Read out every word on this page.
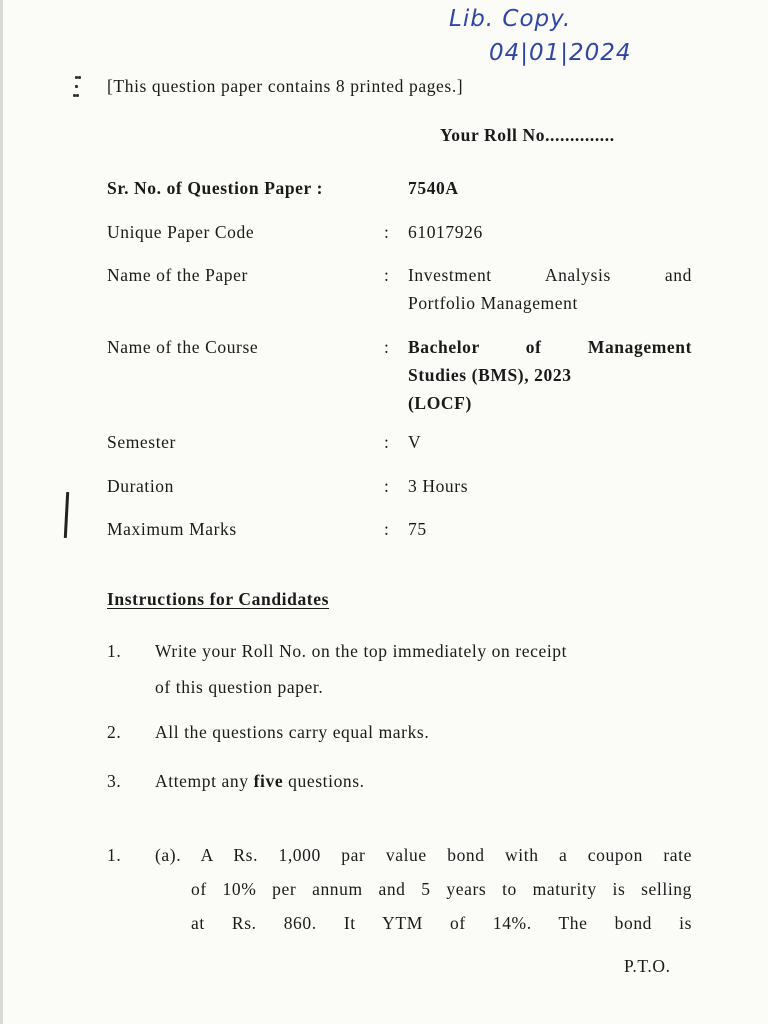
Lib. Copy.
04|01|2024
[This question paper contains 8 printed pages.]
Your Roll No..............
Sr. No. of Question Paper :	7540A
Unique Paper Code	: 61017926
Name of the Paper	: Investment Analysis and
Portfolio Management
Name of the Course	: Bachelor of Management
Studies (BMS), 2023
(LOCF)
Semester	: V
Duration	: 3 Hours
Maximum Marks	: 75
Instructions for Candidates
1. Write your Roll No. on the top immediately on receipt
of this question paper.
2. All the questions carry equal marks.
3. Attempt any five questions.
1. (a). A Rs. 1,000 par value bond with a coupon rate
of 10% per annum and 5 years to maturity is selling
at Rs. 860. It YTM of 14%. The bond is
P.T.O.
